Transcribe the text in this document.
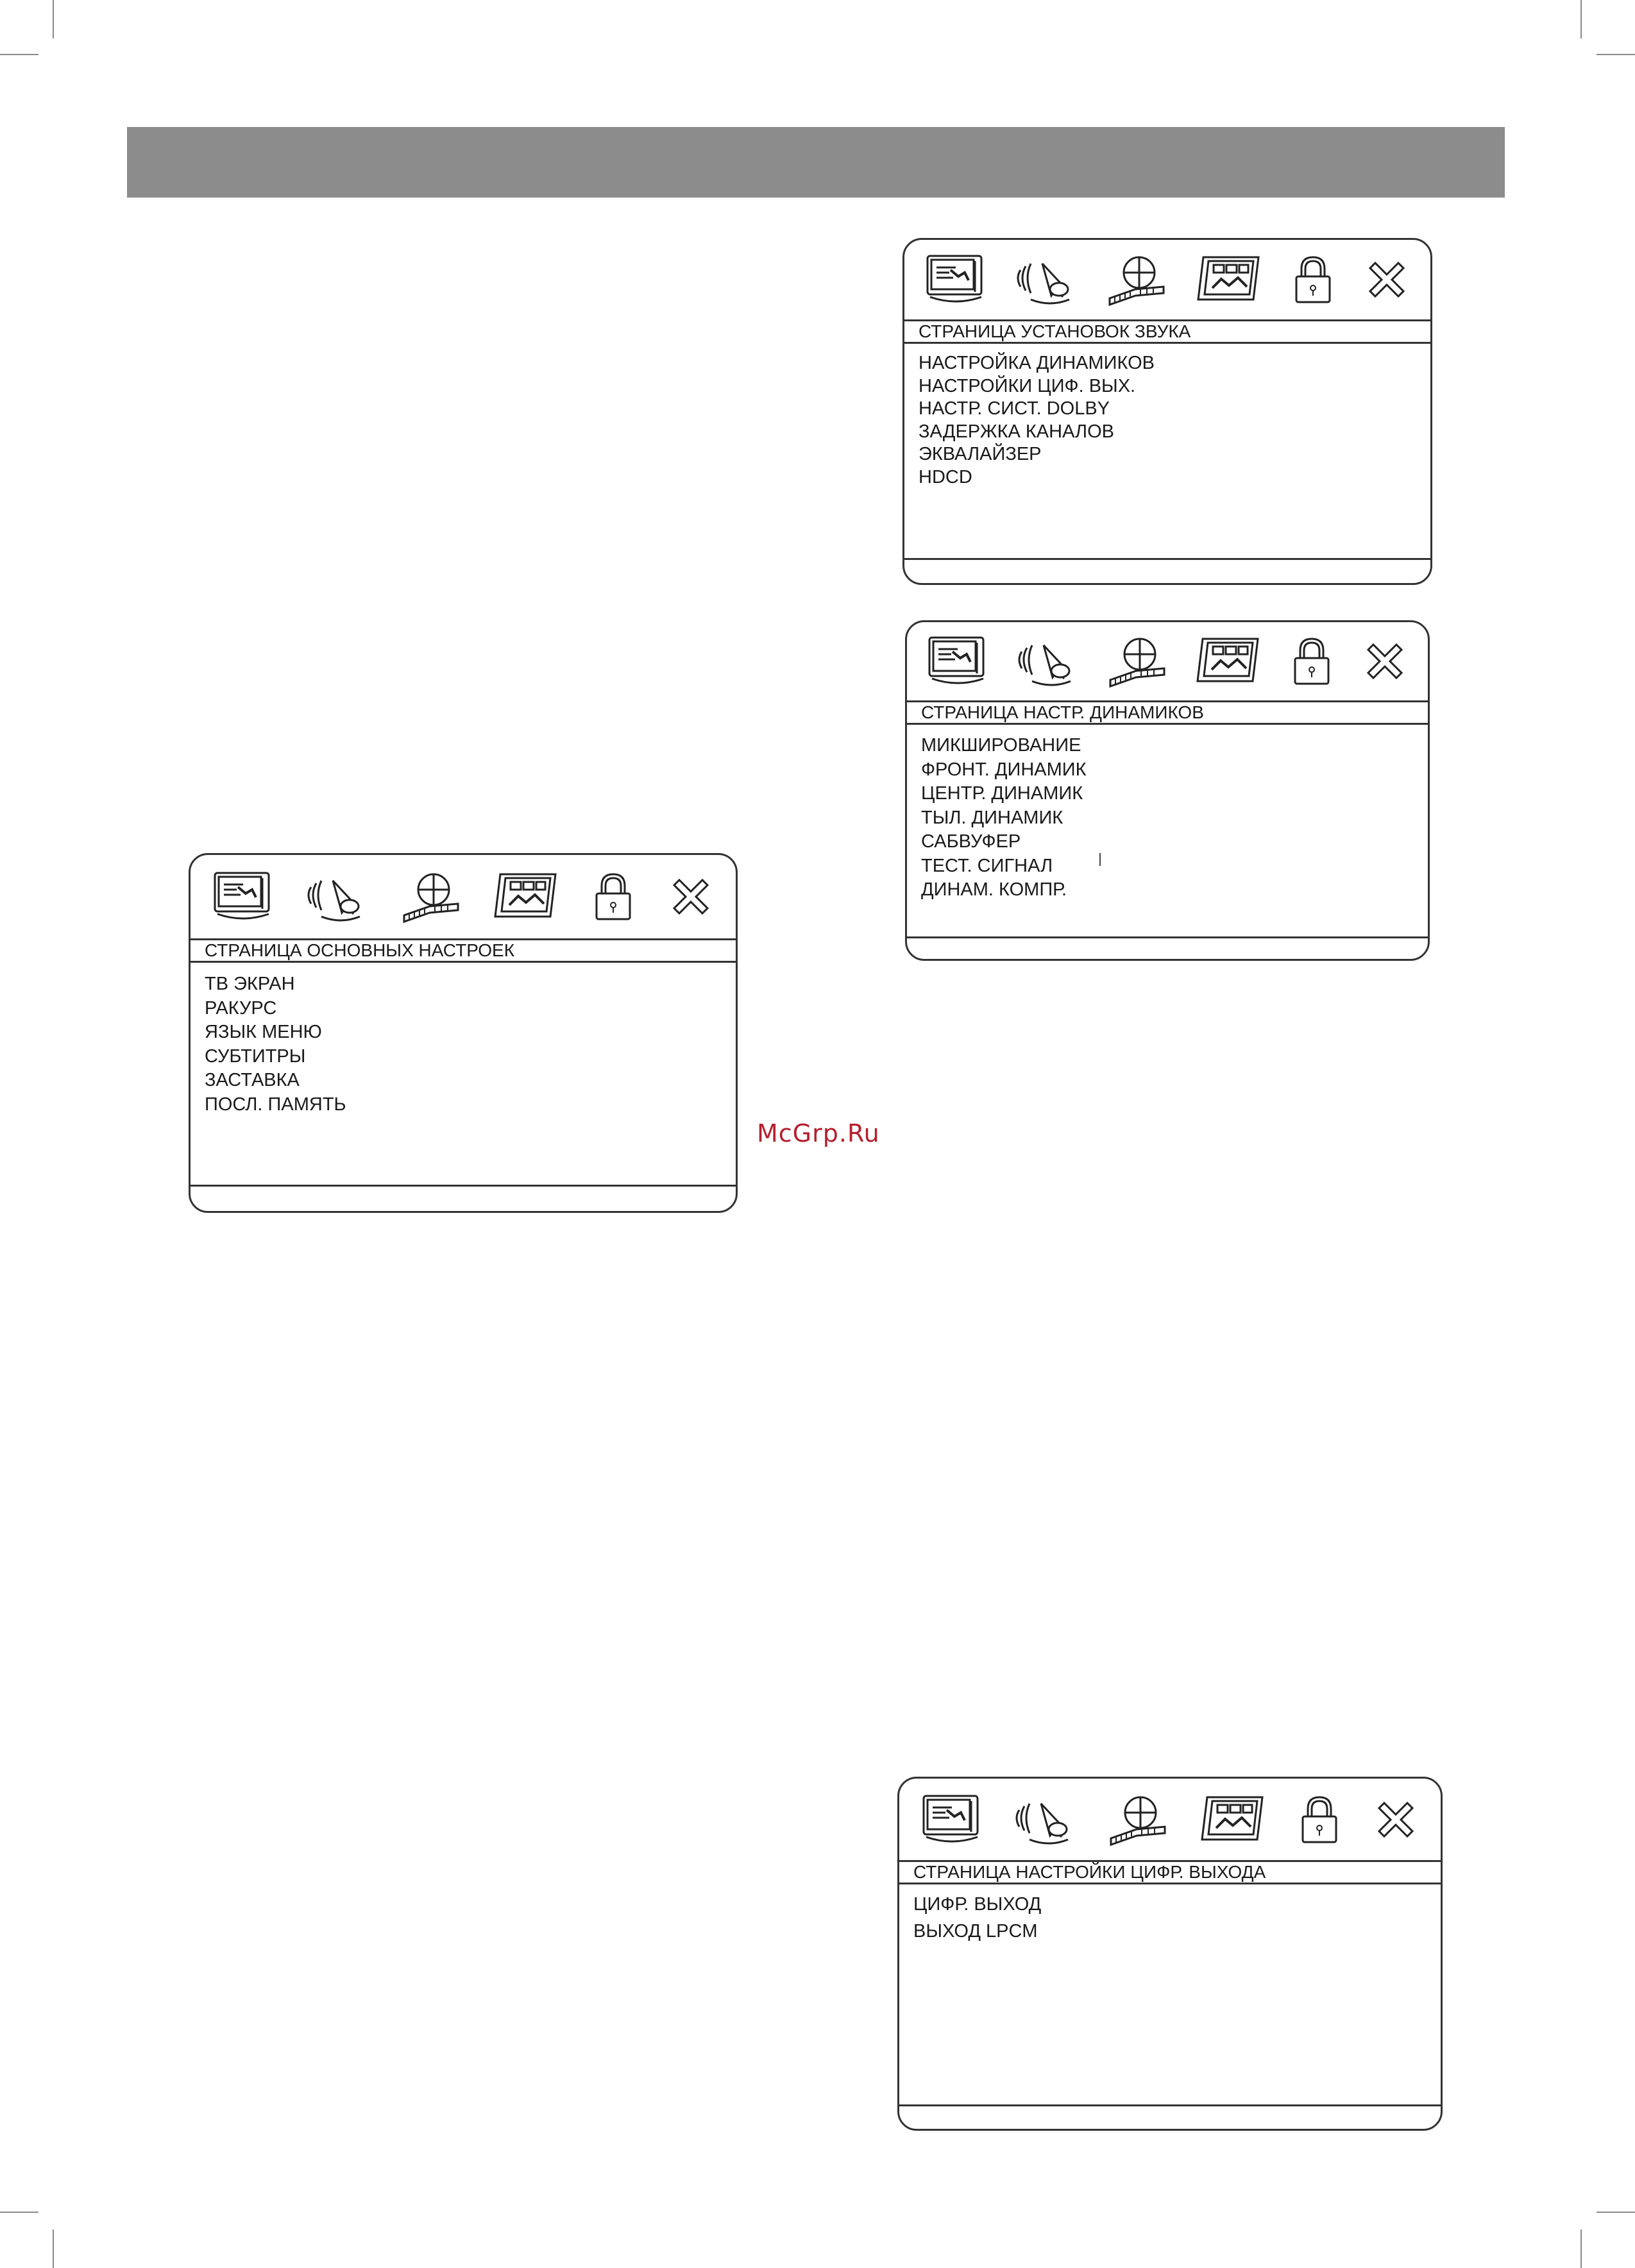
McGrp.Ru
СТРАНИЦА УСТАНОВОК ЗВУКА
НАСТРОЙКА ДИНАМИКОВ
НАСТРОЙКИ ЦИФ. ВЫХ.
НАСТР. СИСТ. DOLBY
ЗАДЕРЖКА КАНАЛОВ
ЭКВАЛАЙЗЕР
HDCD
СТРАНИЦА НАСТР. ДИНАМИКОВ
МИКШИРОВАНИЕ
ФРОНТ. ДИНАМИК
ЦЕНТР. ДИНАМИК
ТЫЛ. ДИНАМИК
САБВУФЕР
ТЕСТ. СИГНАЛ
ДИНАМ. КОМПР.
СТРАНИЦА ОСНОВНЫХ НАСТРОЕК
ТВ ЭКРАН
РАКУРС
ЯЗЫК МЕНЮ
СУБТИТРЫ
ЗАСТАВКА
ПОСЛ. ПАМЯТЬ
СТРАНИЦА НАСТРОЙКИ ЦИФР. ВЫХОДА
ЦИФР. ВЫХОД
ВЫХОД LPCM
